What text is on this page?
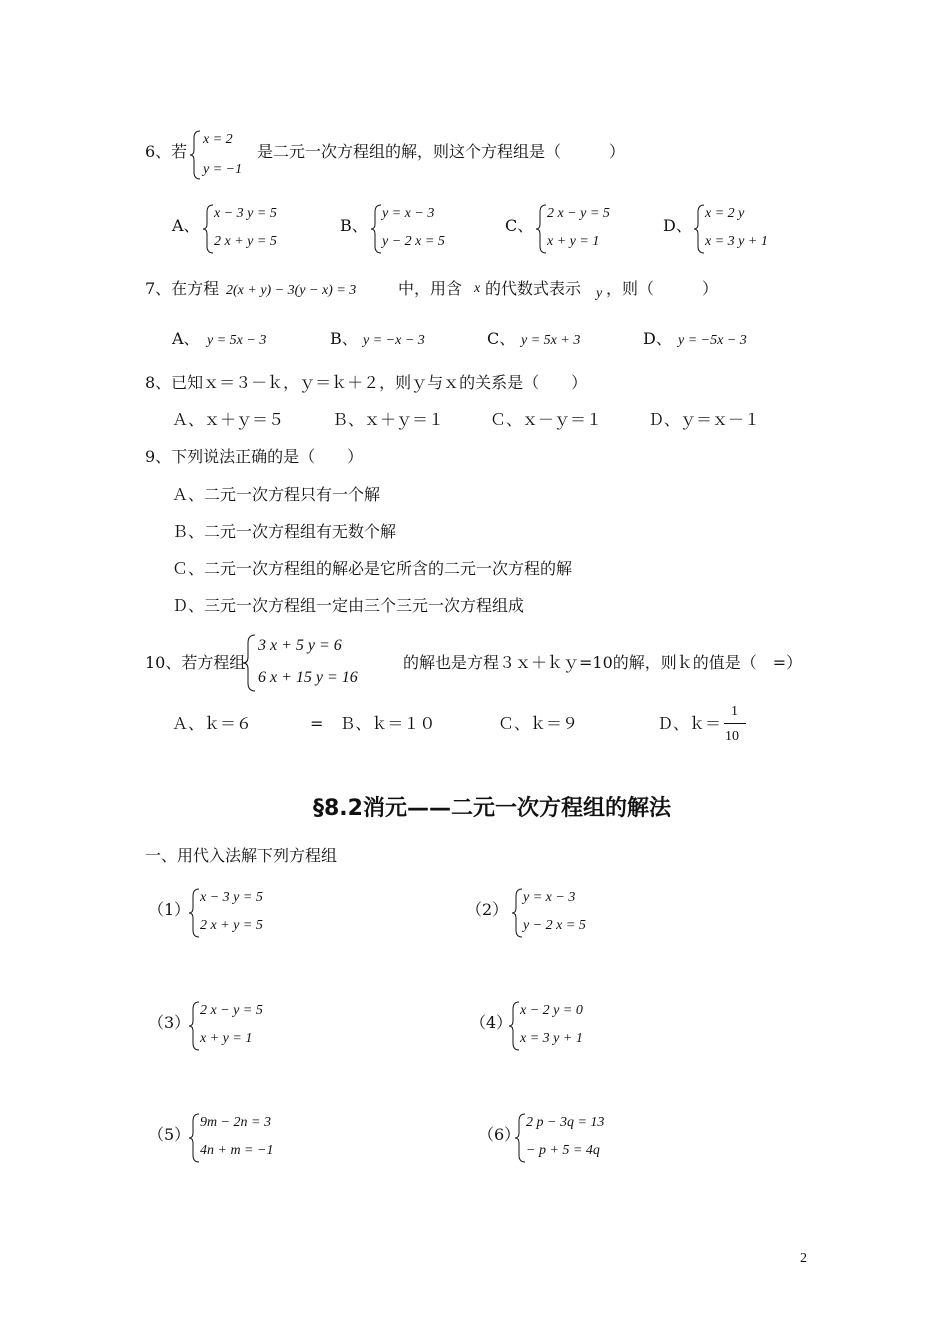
6、若
x = 2
y = −1
是二元一次方程组的解，则这个方程组是（　　　）
A、
x − 3 y = 5
2 x + y = 5
B、
y = x − 3
y − 2 x = 5
C、
2 x − y = 5
x + y = 1
D、
x = 2 y
x = 3 y + 1
7、在方程 2(x + y) − 3(y − x) = 3	中，用含 x 的代数式表示 y ，则（　　　）
A、 y = 5x − 3	B、 y = −x − 3	C、 y = 5x + 3	D、 y = −5x − 3
8、已知ｘ＝３－ｋ，ｙ＝ｋ＋２，则ｙ与ｘ的关系是（　　）
Ａ、ｘ＋ｙ＝５	Ｂ、ｘ＋ｙ＝１	Ｃ、ｘ－ｙ＝１	Ｄ、ｙ＝ｘ－１
9、下列说法正确的是（　　）
Ａ、二元一次方程只有一个解
Ｂ、二元一次方程组有无数个解
Ｃ、二元一次方程组的解必是它所含的二元一次方程的解
Ｄ、三元一次方程组一定由三个三元一次方程组成
10、若方程组
3 x + 5 y = 6
6 x + 15 y = 16
的解也是方程３ｘ＋ｋｙ=10的解，则ｋ的值是（　=）
Ａ、ｋ＝６	=　Ｂ、ｋ＝１０	Ｃ、ｋ＝９	Ｄ、ｋ＝
1
10
§8.2消元——二元一次方程组的解法
一、用代入法解下列方程组
（1）
x − 3 y = 5
2 x + y = 5
（2）
y = x − 3
y − 2 x = 5
（3）
2 x − y = 5
x + y = 1
（4）
x − 2 y = 0
x = 3 y + 1
（5）
9m − 2n = 3
4n + m = −1
（6）
2 p − 3q = 13
− p + 5 = 4q
2
